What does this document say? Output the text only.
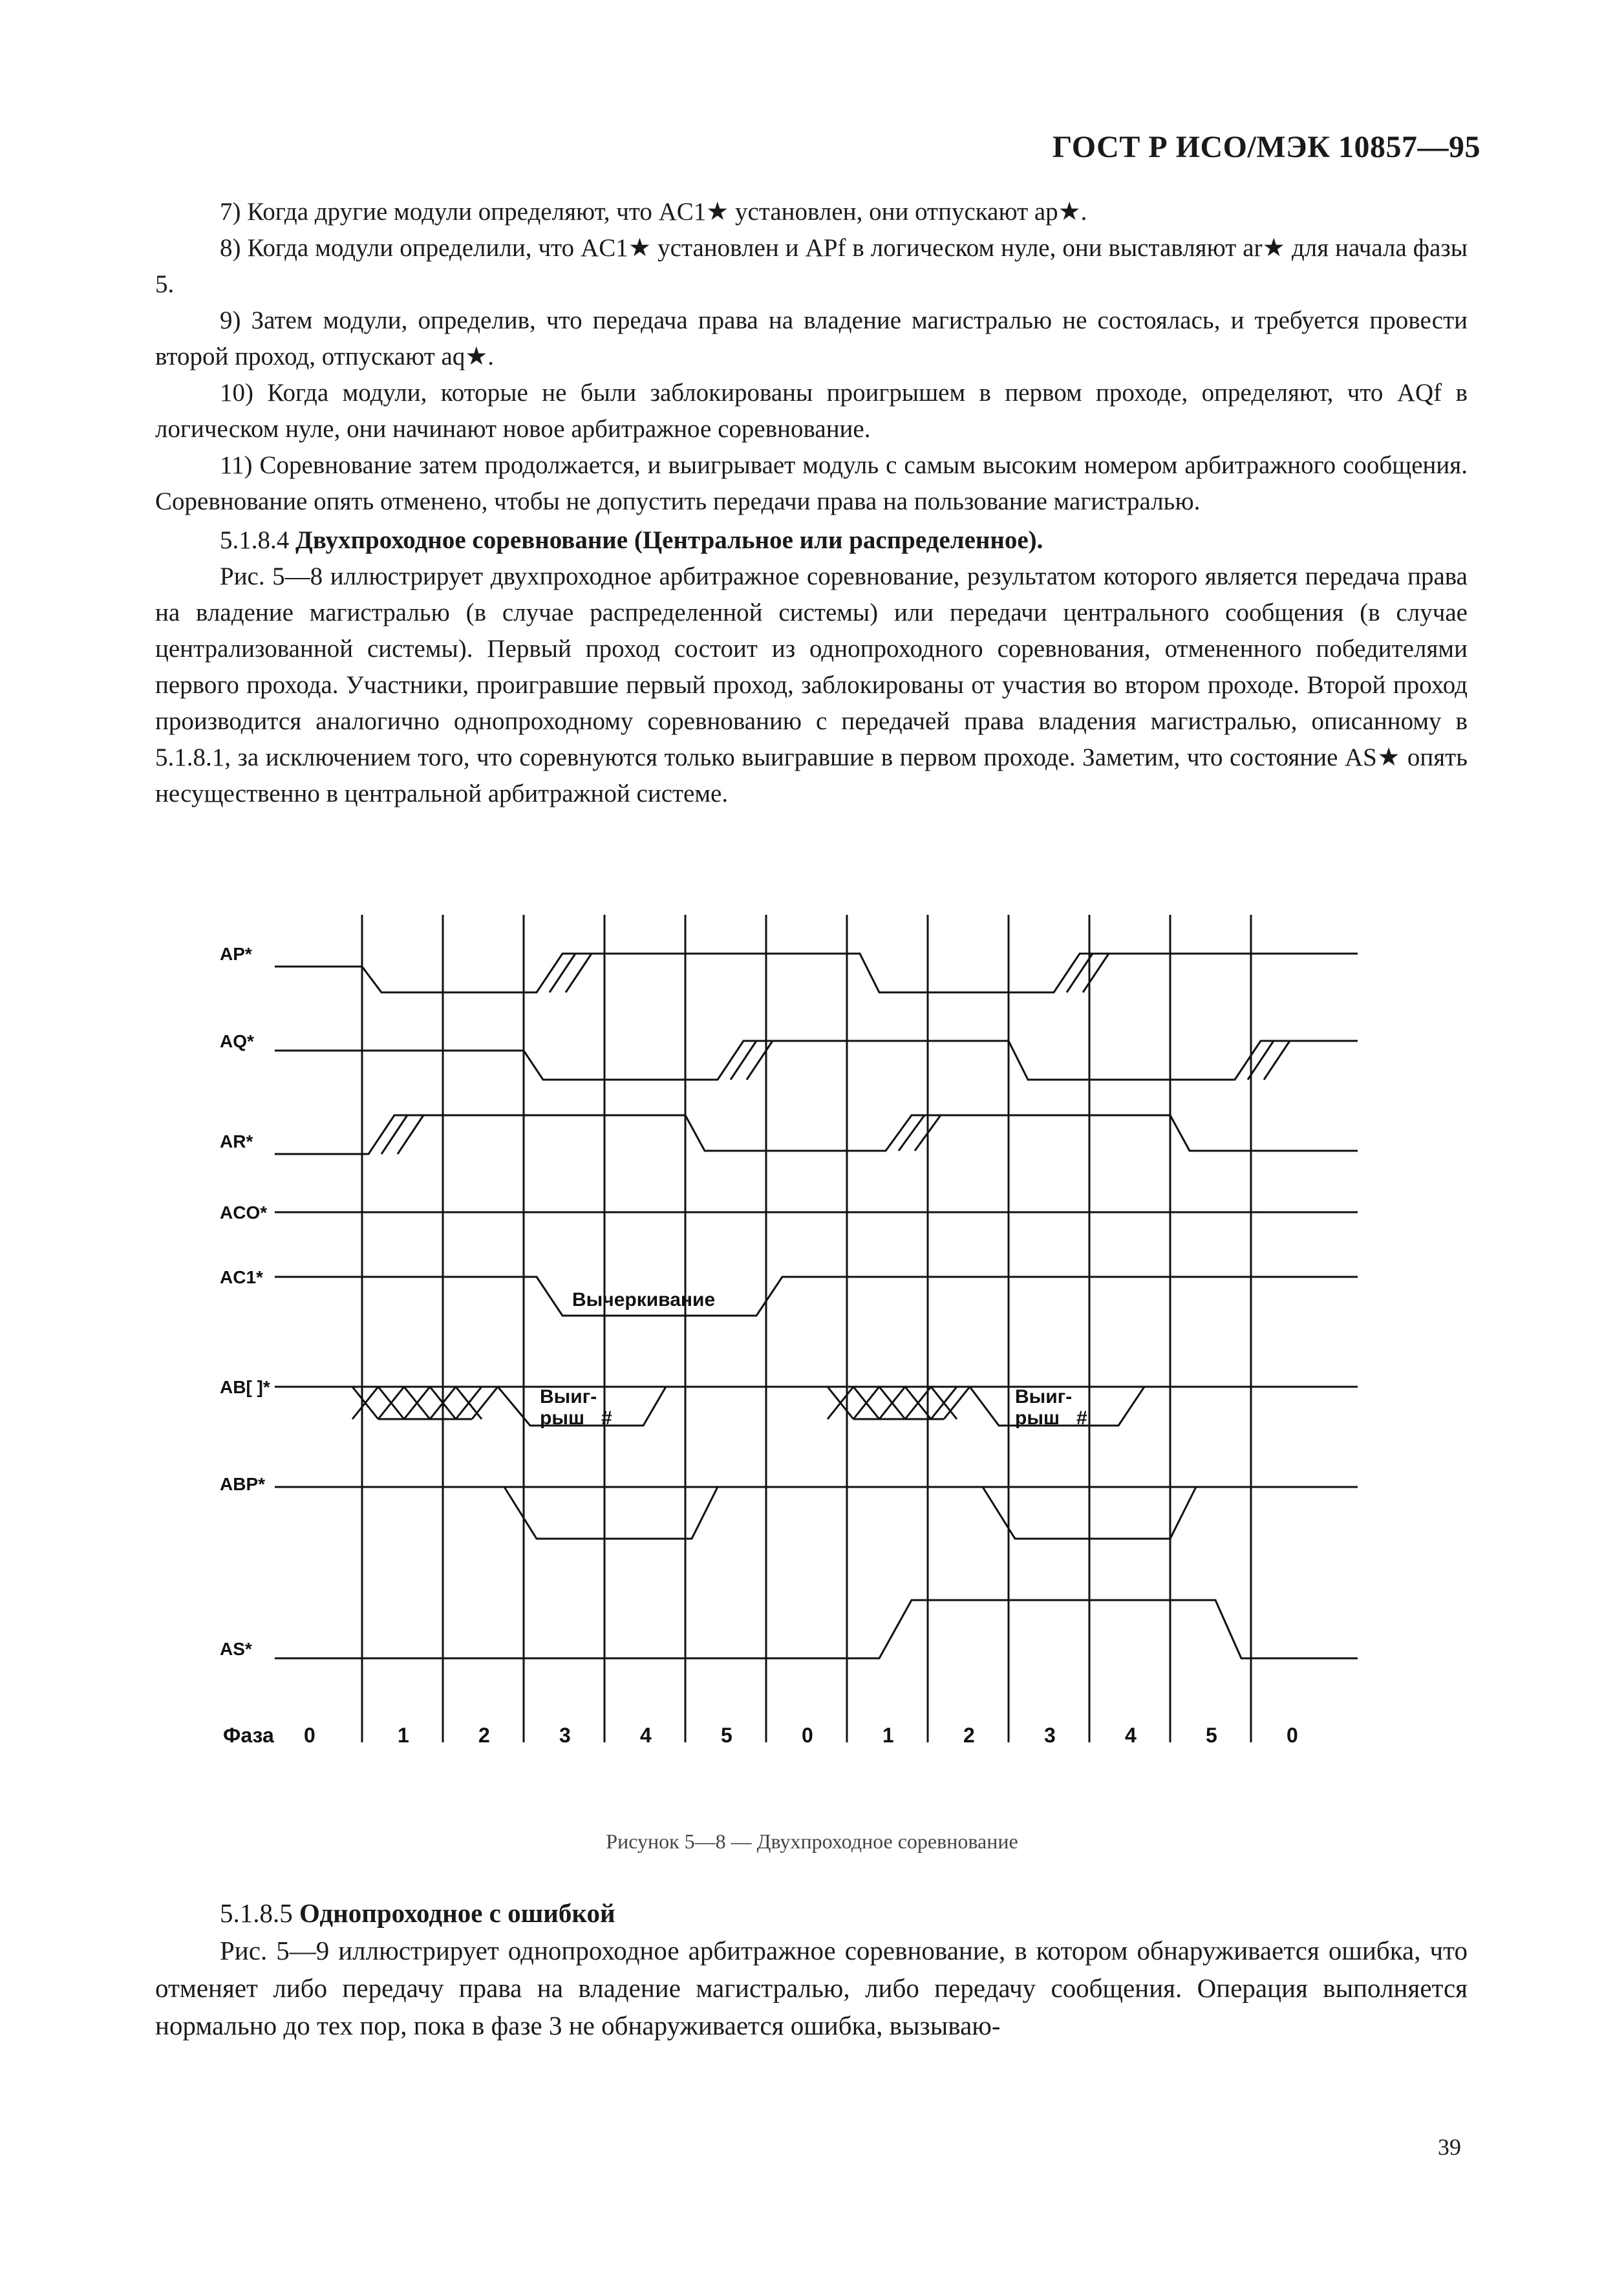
ГОСТ Р ИСО/МЭК 10857—95

7) Когда другие модули определяют, что AC1★ установлен, они отпускают ар★.

8) Когда модули определили, что AC1★ установлен и APf в логическом нуле, они выставляют аr★ для начала фазы 5.

9) Затем модули, определив, что передача права на владение магистралью не состоялась, и требуется провести второй проход, отпускают аq★.

10) Когда модули, которые не были заблокированы проигрышем в первом проходе, определяют, что AQf в логическом нуле, они начинают новое арбитражное соревнование.

11) Соревнование затем продолжается, и выигрывает модуль с самым высоким номером арбитражного сообщения. Соревнование опять отменено, чтобы не допустить передачи права на пользование магистралью.

5.1.8.4 Двухпроходное соревнование (Центральное или распределенное).

Рис. 5—8 иллюстрирует двухпроходное арбитражное соревнование, результатом которого является передача права на владение магистралью (в случае распределенной системы) или передачи центрального сообщения (в случае централизованной системы). Первый проход состоит из однопроходного соревнования, отмененного победителями первого прохода. Участники, проигравшие первый проход, заблокированы от участия во втором проходе. Второй проход производится аналогично однопроходному соревнованию с передачей права владения магистралью, описанному в 5.1.8.1, за исключением того, что соревнуются только выигравшие в первом проходе. Заметим, что состояние AS★ опять несущественно в центральной арбитражной системе.

AP*
AQ*
AR*
ACO*
AC1*
AB[ ]*
ABP*
AS*
Вычеркивание
Выиг-
рыш #
Выиг-
рыш #
Фаза 0	1	2	3	4	5	0	1	2	3	4	5	0
Рисунок 5—8 — Двухпроходное соревнование

5.1.8.5 Однопроходное с ошибкой

Рис. 5—9 иллюстрирует однопроходное арбитражное соревнование, в котором обнаруживается ошибка, что отменяет либо передачу права на владение магистралью, либо передачу сообщения. Операция выполняется нормально до тех пор, пока в фазе 3 не обнаруживается ошибка, вызываю-

39
